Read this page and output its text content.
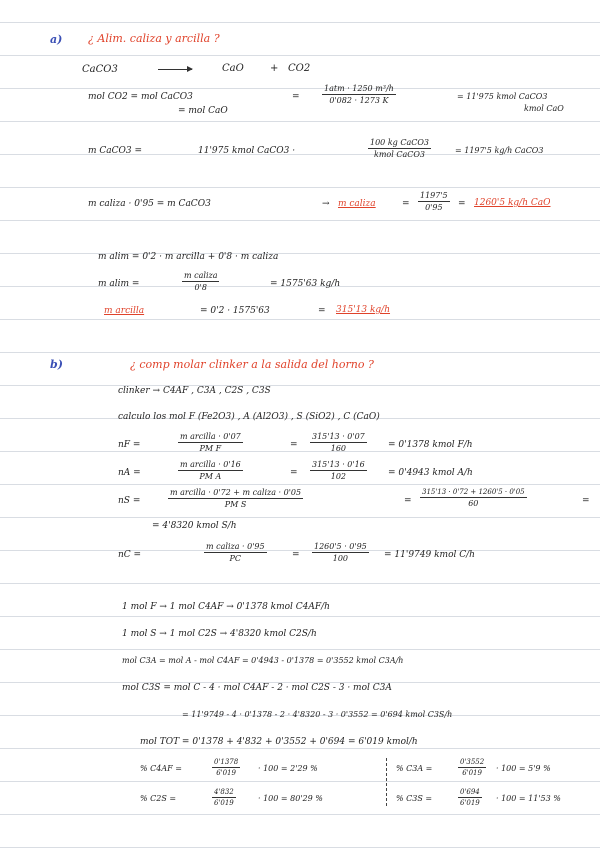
a) ¿ Alim. caliza y arcilla ?
CaCO3	CaO	+ CO2
mol CO2 = mol CaCO3
= mol CaO
=
1atm · 1250 m³/h
0'082 · 1273 K	= 11'975 kmol CaCO3
kmol CaO
m CaCO3 =	11'975 kmol CaCO3 ·
100 kg CaCO3
kmol CaCO3	= 1197'5 kg/h CaCO3
m caliza · 0'95 = m CaCO3	→ m caliza	= $\frac{1197'5}{0'95} = 1260'5$ kg/h CaO
m alim = 0'2 · m arcilla + 0'8 · m caliza
m alim =
m caliza
0'8	= 1575'63 kg/h
m arcilla	= 0'2 · 1575'63	= 315'13 kg/h
b)	¿ comp molar clinker a la salida del horno ?
clinker → C4AF , C3A , C2S , C3S
calculo los mol F (Fe2O3) , A (Al2O3) , S (SiO2) , C (CaO)
nF =
m arcilla · 0'07
PM F	= $\frac{315'13 \cdot 0'07}{160} = 0'1378$ kmol F/h
nA =
m arcilla · 0'16
PM A	= $\frac{315'13 \cdot 0'16}{102} = 0'4943$ kmol A/h
nS =
m arcilla · 0'72 + m caliza · 0'05
PM S	= $\frac{315'13 \cdot 0'72 + 1260'5 \cdot 0'05}{60}$	=
= 4'8320 kmol S/h
nC =
m caliza · 0'95
PC	= $\frac{1260'5 \cdot 0'95}{100} = 11'9749$ kmol C/h
1 mol F → 1 mol C4AF → 0'1378 kmol C4AF/h
1 mol S → 1 mol C2S → 4'8320 kmol C2S/h
mol C3A = mol A - mol C4AF = 0'4943 - 0'1378 = 0'3552 kmol C3A/h
mol C3S = mol C - 4 · mol C4AF - 2 · mol C2S - 3 · mol C3A
= 11'9749 - 4 · 0'1378 - 2 · 4'8320 - 3 · 0'3552 = 0'694 kmol C3S/h
mol TOT = 0'1378 + 4'832 + 0'3552 + 0'694 = 6'019 kmol/h
% C4AF =	$\frac{0'1378}{6'019} \cdot 100 = 2'29$ %	% C3A =	$\frac{0'3552}{6'019} \cdot 100 = 5'9$ %
% C2S =	$\frac{4'832}{6'019}$	· 100 = 80'29 %	% C3S =	$\frac{0'694}{6'019} \cdot 100 = 11'53$ %
